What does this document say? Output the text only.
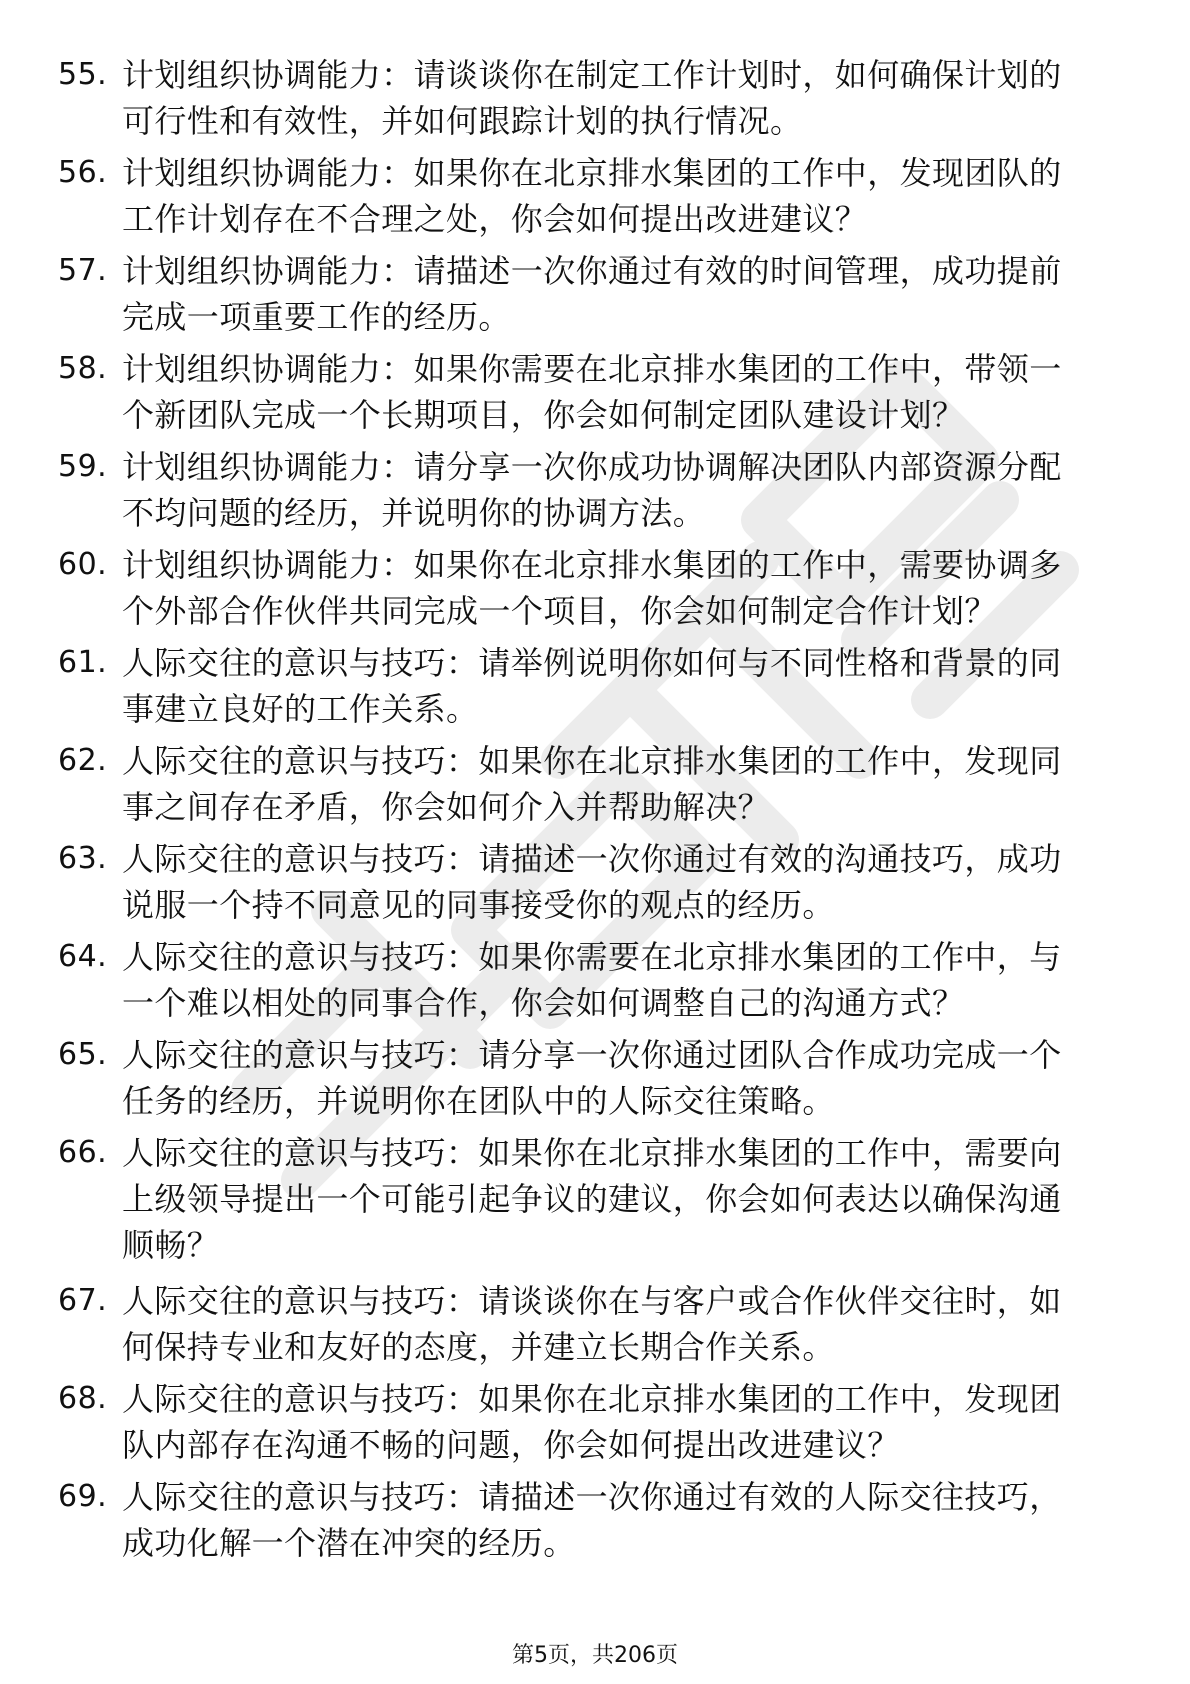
55. 计划组织协调能力：请谈谈你在制定工作计划时，如何确保计划的可行性和有效性，并如何跟踪计划的执行情况。
56. 计划组织协调能力：如果你在北京排水集团的工作中，发现团队的工作计划存在不合理之处，你会如何提出改进建议？
57. 计划组织协调能力：请描述一次你通过有效的时间管理，成功提前完成一项重要工作的经历。
58. 计划组织协调能力：如果你需要在北京排水集团的工作中，带领一个新团队完成一个长期项目，你会如何制定团队建设计划？
59. 计划组织协调能力：请分享一次你成功协调解决团队内部资源分配不均问题的经历，并说明你的协调方法。
60. 计划组织协调能力：如果你在北京排水集团的工作中，需要协调多个外部合作伙伴共同完成一个项目，你会如何制定合作计划？
61. 人际交往的意识与技巧：请举例说明你如何与不同性格和背景的同事建立良好的工作关系。
62. 人际交往的意识与技巧：如果你在北京排水集团的工作中，发现同事之间存在矛盾，你会如何介入并帮助解决？
63. 人际交往的意识与技巧：请描述一次你通过有效的沟通技巧，成功说服一个持不同意见的同事接受你的观点的经历。
64. 人际交往的意识与技巧：如果你需要在北京排水集团的工作中，与一个难以相处的同事合作，你会如何调整自己的沟通方式？
65. 人际交往的意识与技巧：请分享一次你通过团队合作成功完成一个任务的经历，并说明你在团队中的人际交往策略。
66. 人际交往的意识与技巧：如果你在北京排水集团的工作中，需要向上级领导提出一个可能引起争议的建议，你会如何表达以确保沟通顺畅？
67. 人际交往的意识与技巧：请谈谈你在与客户或合作伙伴交往时，如何保持专业和友好的态度，并建立长期合作关系。
68. 人际交往的意识与技巧：如果你在北京排水集团的工作中，发现团队内部存在沟通不畅的问题，你会如何提出改进建议？
69. 人际交往的意识与技巧：请描述一次你通过有效的人际交往技巧，成功化解一个潜在冲突的经历。
第5页，共206页
